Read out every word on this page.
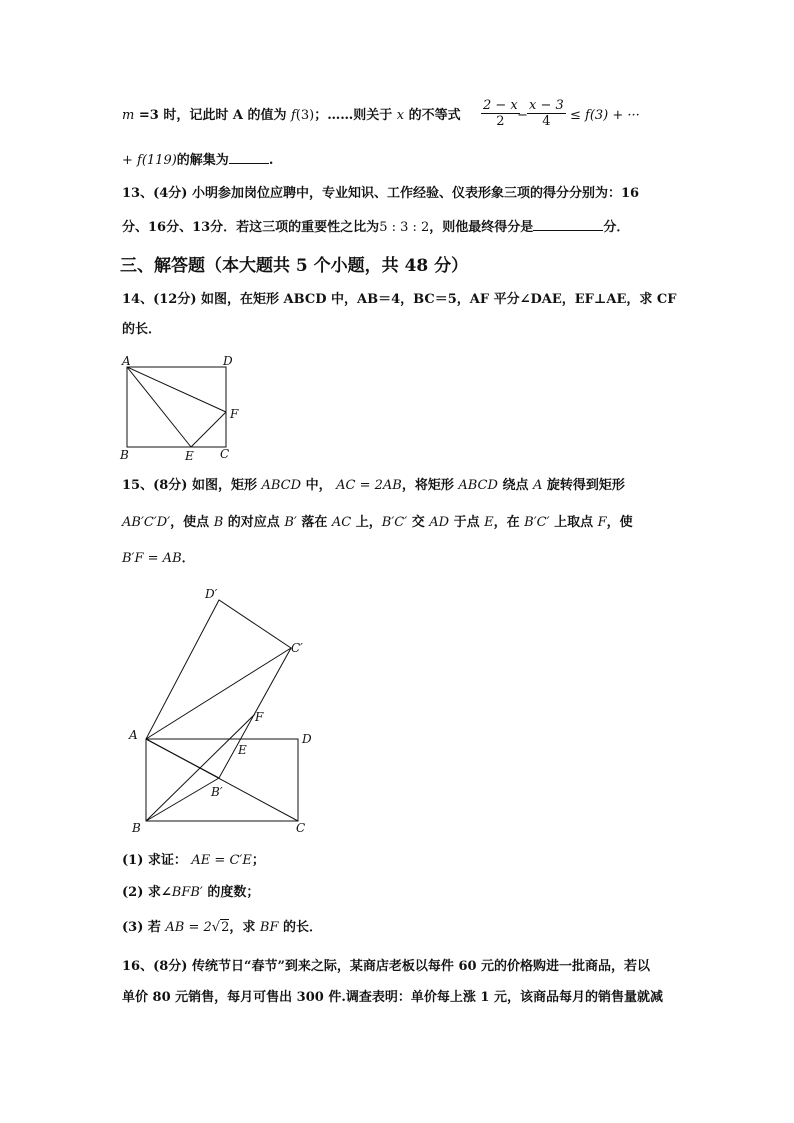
m =3 时，记此时 A 的值为 f(3)；……则关于 x 的不等式 $\frac{2 - x}{2}$
− $\frac{x - 3}{4} \le f(3)$ + ···
+ f(119)的解集为	.
13、(4分) 小明参加岗位应聘中，专业知识、工作经验、仪表形象三项的得分分别为：16
分、16分、13分．若这三项的重要性之比为5 : 3 : 2，则他最终得分是	分．
三、解答题（本大题共 5 个小题，共 48 分）
14、(12分) 如图，在矩形 ABCD 中，AB＝4，BC＝5，AF 平分∠DAE，EF⊥AE，求 CF
的长．
A	D
F
B	E C
15、(8分) 如图，矩形 ABCD 中， AC = 2AB，将矩形 ABCD 绕点 A 旋转得到矩形
AB′C′D′，使点 B 的对应点 B′ 落在 AC 上，B′C′ 交 AD 于点 E，在 B′C′ 上取点 F，使
B′F = AB．
D′
C′
F
A
E
D
B′
B	C
(1) 求证： AE = C′E；
(2) 求∠BFB′ 的度数；
(3) 若 AB = 2√2，求 BF 的长．
16、(8分) 传统节日“春节”到来之际，某商店老板以每件 60 元的价格购进一批商品，若以
单价 80 元销售，每月可售出 300 件.调查表明：单价每上涨 1 元，该商品每月的销售量就减
